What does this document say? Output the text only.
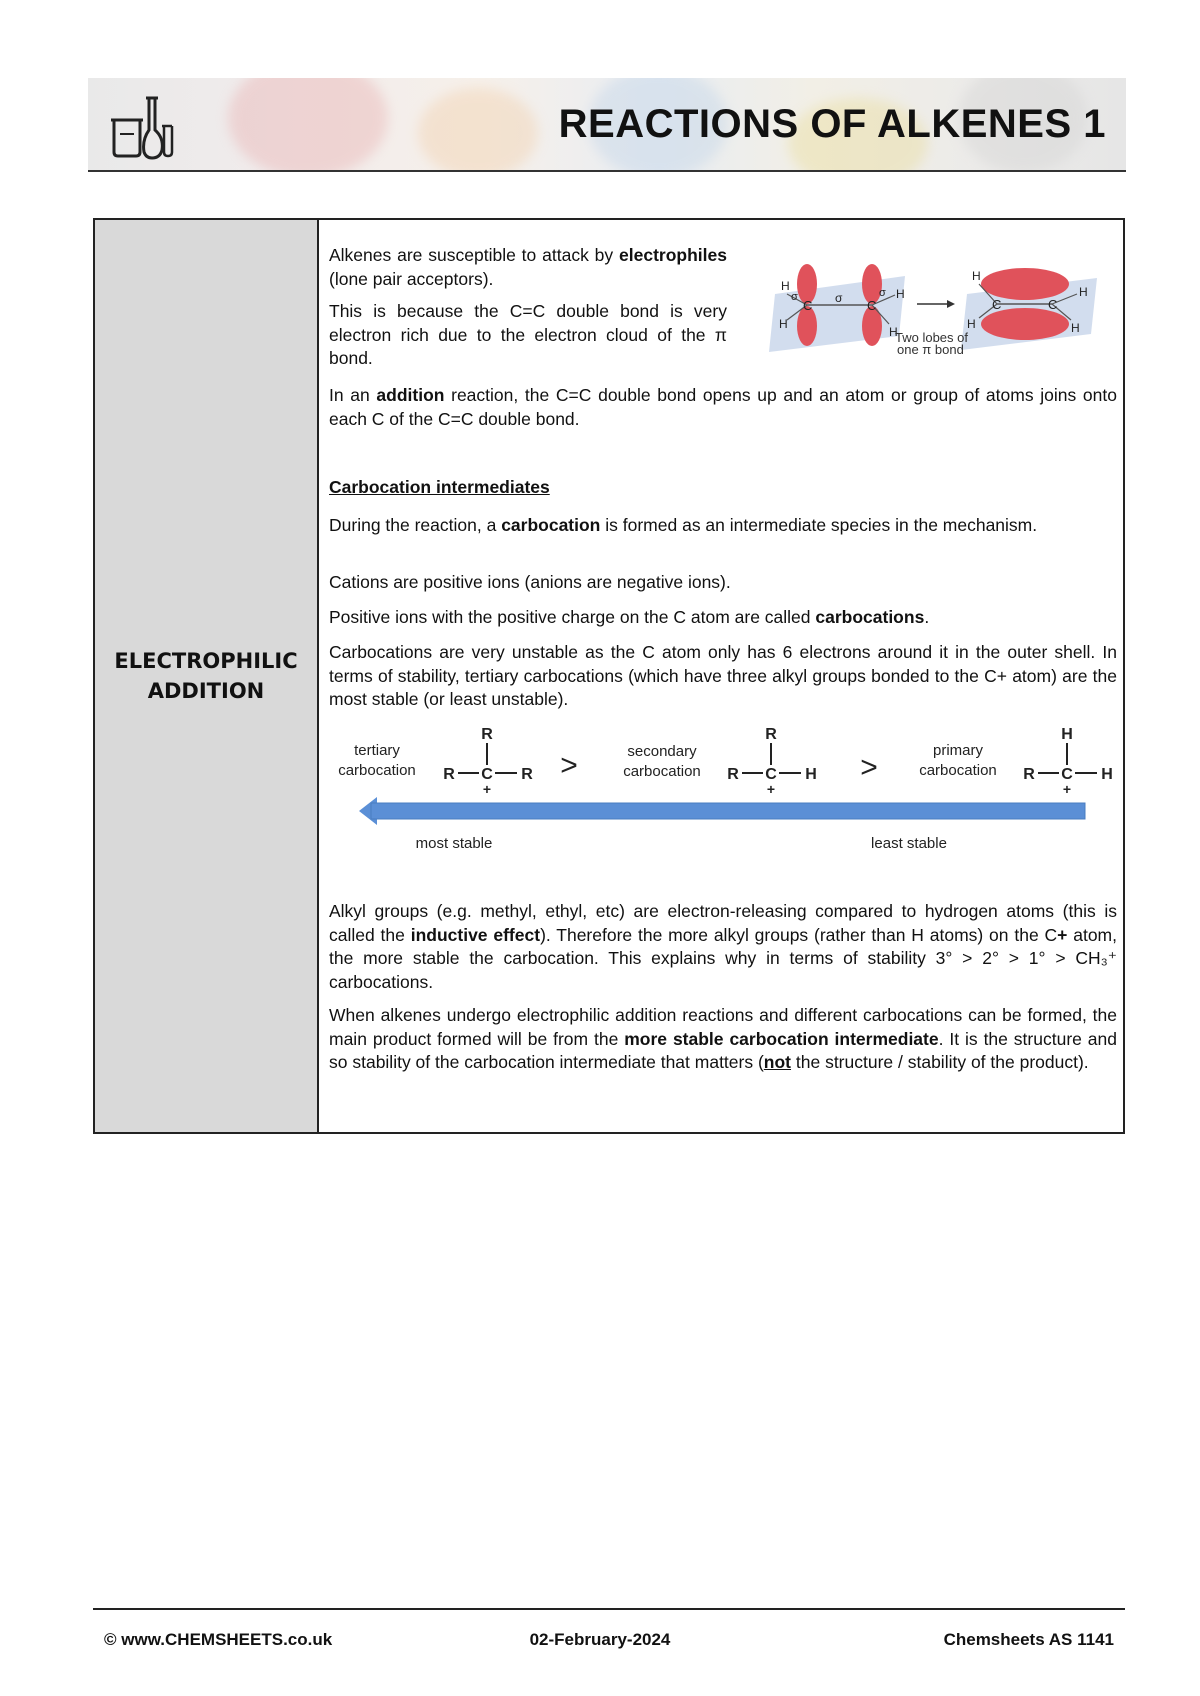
REACTIONS OF ALKENES 1
ELECTROPHILIC
ADDITION

Alkenes are susceptible to attack by electrophiles (lone pair acceptors).

This is because the C=C double bond is very electron rich due to the electron cloud of the π bond.

H
H
H
H
C	C
σ
σ	σ
H
H
H
H
C	C
Two lobes of
one π bond

In an addition reaction, the C=C double bond opens up and an atom or group of atoms joins onto each C of the C=C double bond.

Carbocation intermediates

During the reaction, a carbocation is formed as an intermediate species in the mechanism.

Cations are positive ions (anions are negative ions).

Positive ions with the positive charge on the C atom are called carbocations.

Carbocations are very unstable as the C atom only has 6 electrons around it in the outer shell. In terms of stability, tertiary carbocations (which have three alkyl groups bonded to the C+ atom) are the most stable (or least unstable).

tertiary
carbocation
secondary
carbocation
primary
carbocation
>	>
R
C
R	R
+
R
C
R	H
+
H
C
R	H
+
most stable	least stable

Alkyl groups (e.g. methyl, ethyl, etc) are electron-releasing compared to hydrogen atoms (this is called the inductive effect). Therefore the more alkyl groups (rather than H atoms) on the C+ atom, the more stable the carbocation. This explains why in terms of stability 3° > 2° > 1° > CH₃⁺ carbocations.

When alkenes undergo electrophilic addition reactions and different carbocations can be formed, the main product formed will be from the more stable carbocation intermediate. It is the structure and so stability of the carbocation intermediate that matters (not the structure / stability of the product).

© www.CHEMSHEETS.co.uk	02-February-2024	Chemsheets AS 1141
